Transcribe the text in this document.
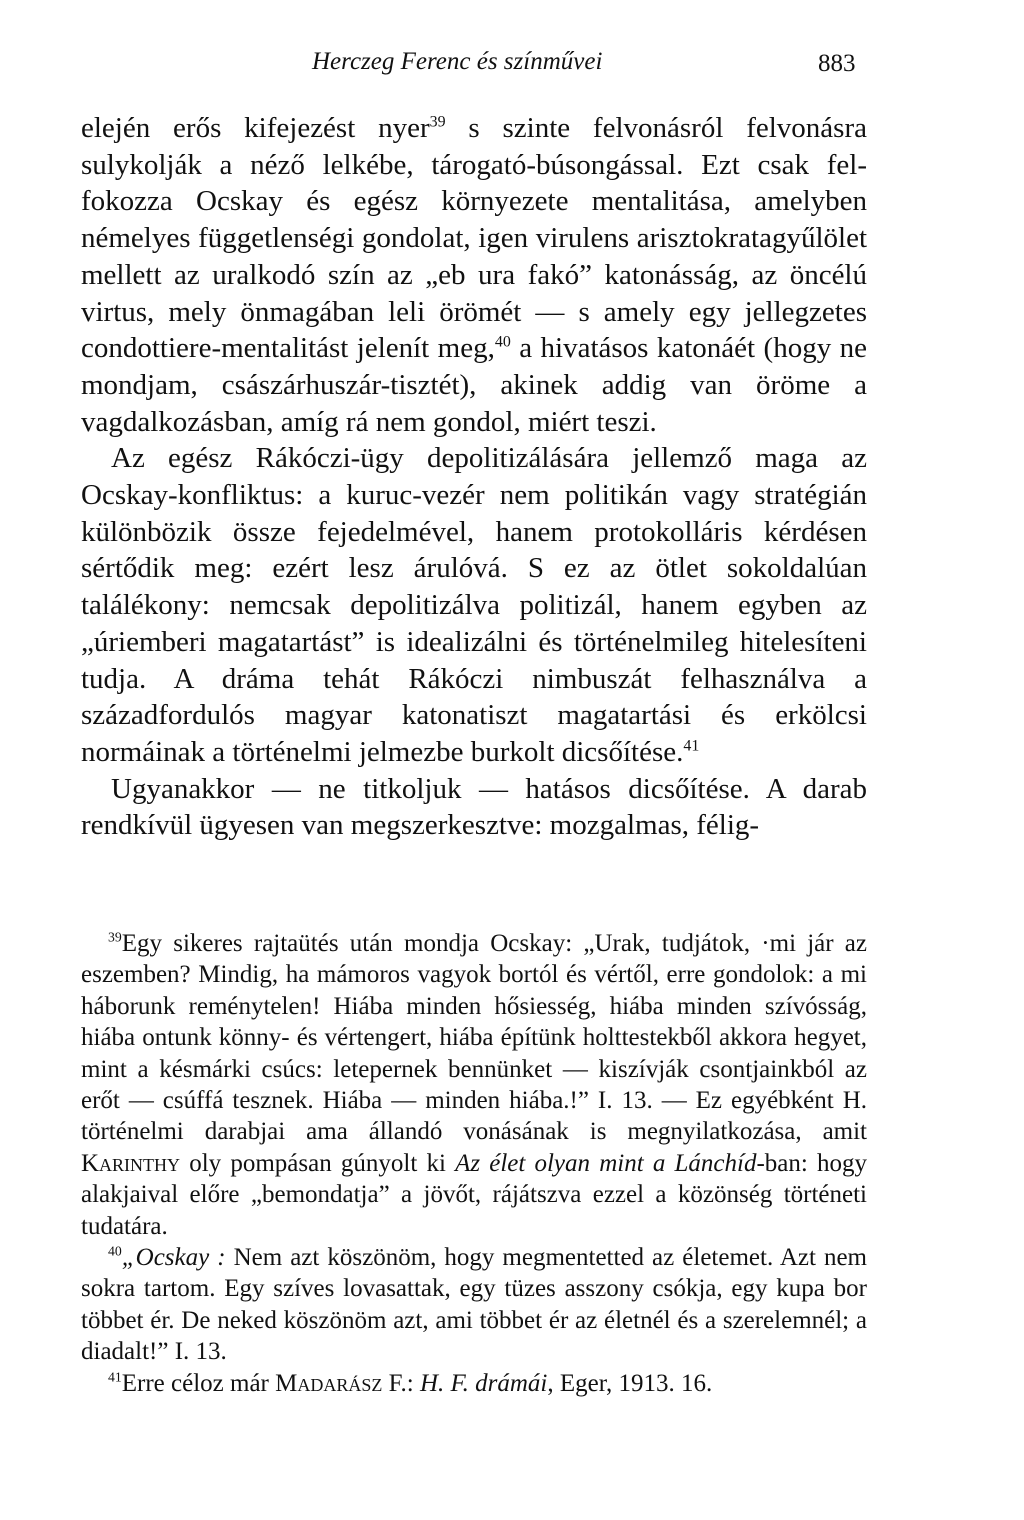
Herczeg Ferenc és színművei	883

elején erős kifejezést nyer$^{39}$ s szinte felvonásról felvonásra sulykolják a néző lelkébe, tárogató-búsongással. Ezt csak felfokozza Ocskay és egész környezete mentalitása, amelyben némelyes függetlenségi gondolat, igen virulens arisztokratagyűlölet mellett az uralkodó szín az „eb ura fakó” katonásság, az öncélú virtus, mely önmagában leli örömét — s amely egy jellegzetes condottiere-mentalitást jelenít meg,$^{40}$ a hivatásos katonáét (hogy ne mondjam, császárhuszár-tisztét), akinek addig van öröme a vagdalkozásban, amíg rá nem gondol, miért teszi.

Az egész Rákóczi-ügy depolitizálására jellemző maga az Ocskay-konfliktus: a kuruc-vezér nem politikán vagy stratégián különbözik össze fejedelmével, hanem protokolláris kérdésen sértődik meg: ezért lesz árulóvá. S ez az ötlet sokoldalúan találékony: nemcsak depolitizálva politizál, hanem egyben az „úriemberi magatartást” is idealizálni és történelmileg hitelesíteni tudja. A dráma tehát Rákóczi nimbuszát felhasználva a századfordulós magyar katonatiszt magatartási és erkölcsi normáinak a történelmi jelmezbe burkolt dicsőítése.$^{41}$

Ugyanakkor — ne titkoljuk — hatásos dicsőítése. A darab rendkívül ügyesen van megszerkesztve: mozgalmas, félig-

$^{39}$Egy sikeres rajtaütés után mondja Ocskay: „Urak, tudjátok, ·mi jár az eszemben? Mindig, ha mámoros vagyok bortól és vértől, erre gondolok: a mi háborunk reménytelen! Hiába minden hősiesség, hiába minden szívósság, hiába ontunk könny- és vértengert, hiába építünk holttestekből akkora hegyet, mint a késmárki csúcs: letepernek bennünket — kiszívják csontjainkból az erőt — csúffá tesznek. Hiába — minden hiába.!” I. 13. — Ez egyébként H. történelmi darabjai ama állandó vonásának is megnyilatkozása, amit Karinthy oly pompásan gúnyolt ki Az élet olyan mint a Lánchíd-ban: hogy alakjaival előre „bemondatja” a jövőt, rájátszva ezzel a közönség történeti tudatára.

$^{40}$„Ocskay : Nem azt köszönöm, hogy megmentetted az életemet. Azt nem sokra tartom. Egy szíves lovasattak, egy tüzes asszony csókja, egy kupa bor többet ér. De neked köszönöm azt, ami többet ér az életnél és a szerelemnél; a diadalt!” I. 13.

$^{41}$Erre céloz már Madarász F.: H. F. drámái, Eger, 1913. 16.
